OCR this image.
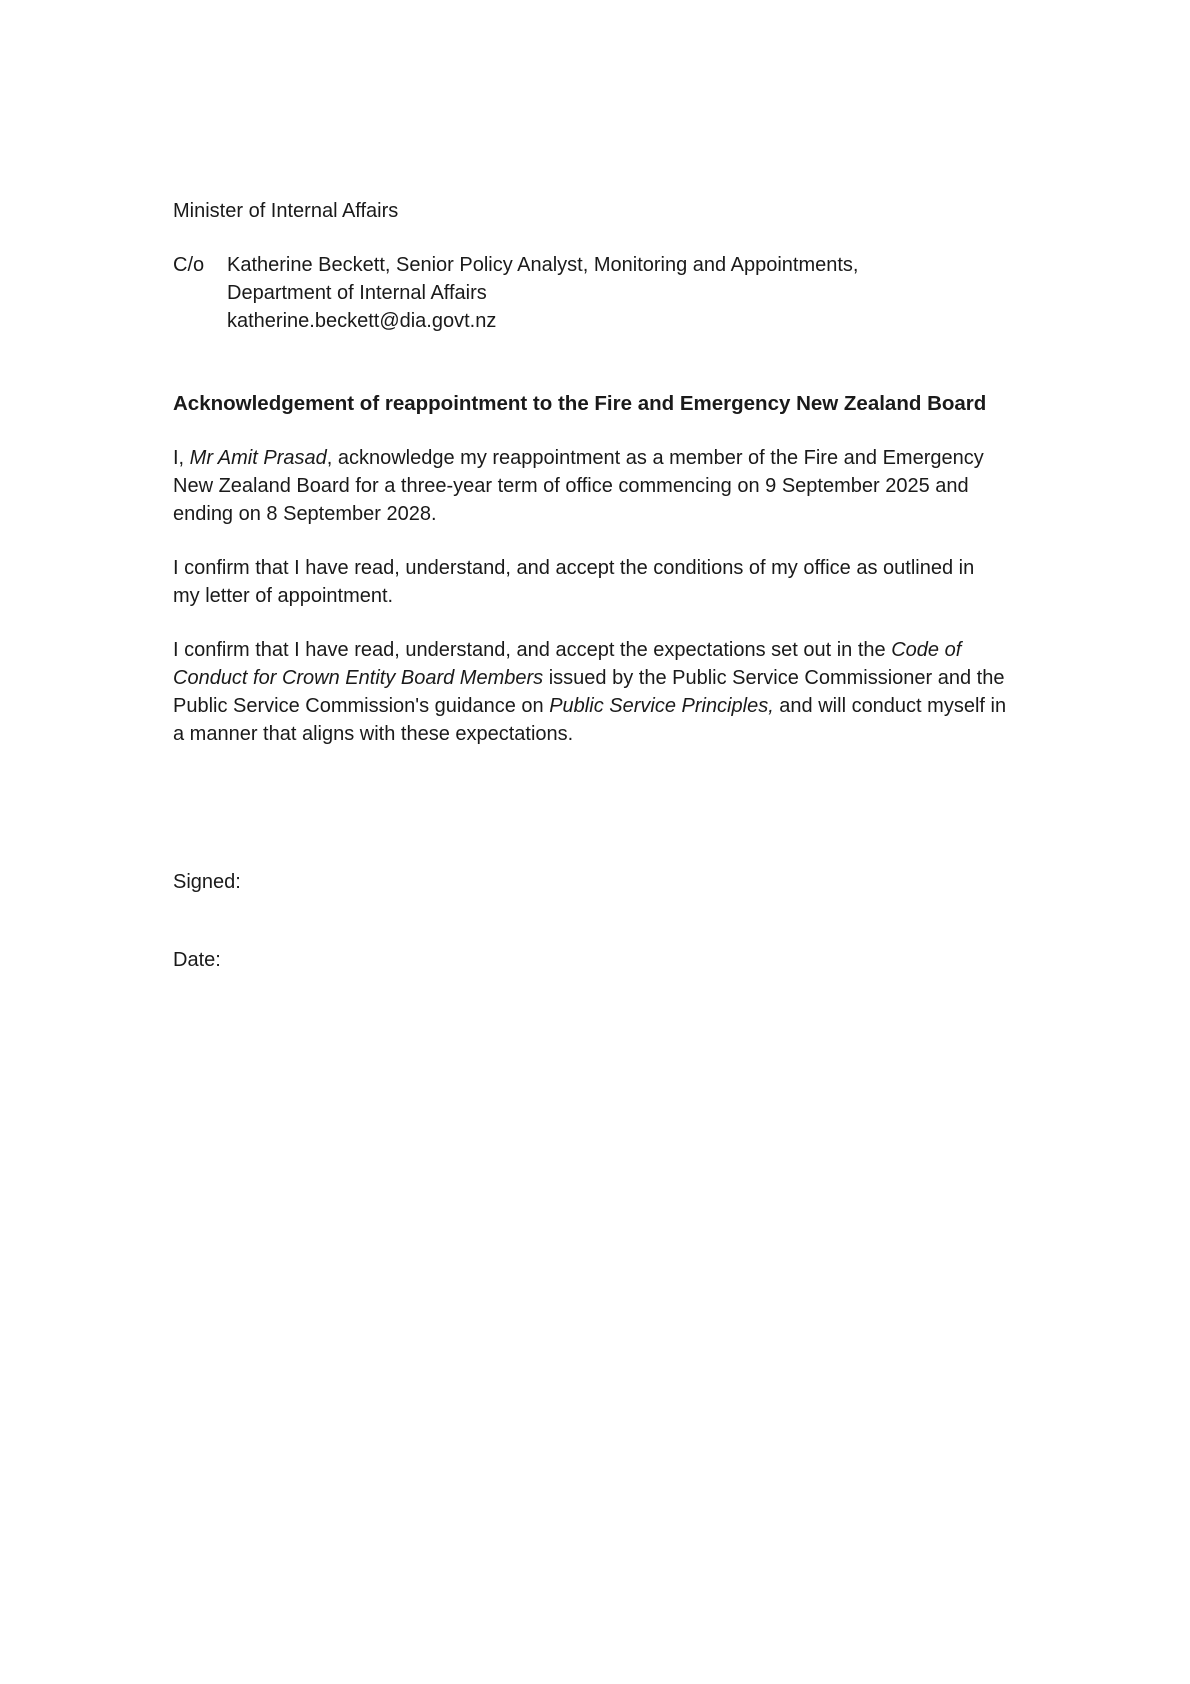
Minister of Internal Affairs

C/o	Katherine Beckett, Senior Policy Analyst, Monitoring and Appointments,
Department of Internal Affairs
katherine.beckett@dia.govt.nz

Acknowledgement of reappointment to the Fire and Emergency New Zealand Board

I, Mr Amit Prasad, acknowledge my reappointment as a member of the Fire and Emergency
New Zealand Board for a three-year term of office commencing on 9 September 2025 and
ending on 8 September 2028.
I confirm that I have read, understand, and accept the conditions of my office as outlined in
my letter of appointment.
I confirm that I have read, understand, and accept the expectations set out in the Code of
Conduct for Crown Entity Board Members issued by the Public Service Commissioner and the
Public Service Commission's guidance on Public Service Principles, and will conduct myself in
a manner that aligns with these expectations.

Signed:

Date:
